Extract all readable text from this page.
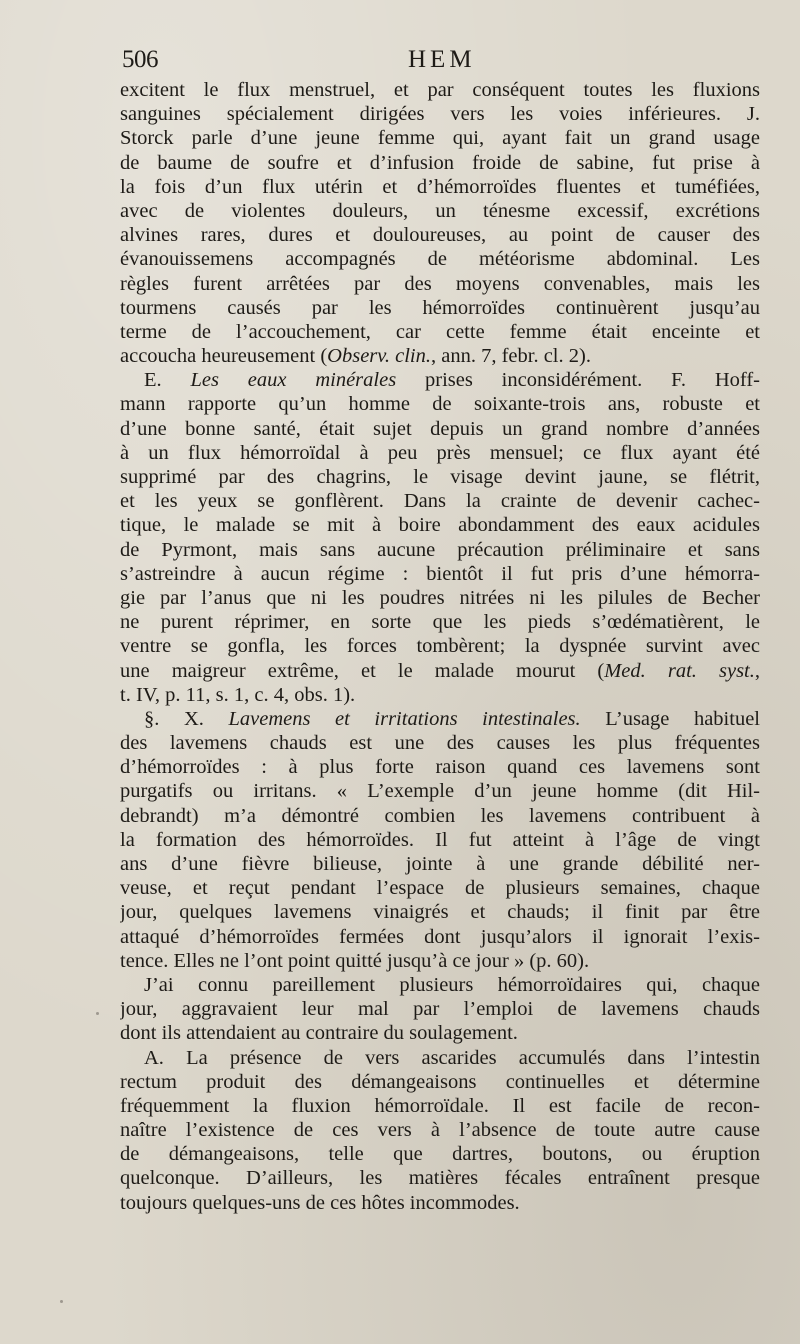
506	HEM
excitent le flux menstruel, et par conséquent toutes les fluxions
sanguines spécialement dirigées vers les voies inférieures. J.
Storck parle d’une jeune femme qui, ayant fait un grand usage
de baume de soufre et d’infusion froide de sabine, fut prise à
la fois d’un flux utérin et d’hémorroïdes fluentes et tuméfiées,
avec de violentes douleurs, un ténesme excessif, excrétions
alvines rares, dures et douloureuses, au point de causer des
évanouissemens accompagnés de météorisme abdominal. Les
règles furent arrêtées par des moyens convenables, mais les
tourmens causés par les hémorroïdes continuèrent jusqu’au
terme de l’accouchement, car cette femme était enceinte et
accoucha heureusement (Observ. clin., ann. 7, febr. cl. 2).
E. Les eaux minérales prises inconsidérément. F. Hoff-
mann rapporte qu’un homme de soixante-trois ans, robuste et
d’une bonne santé, était sujet depuis un grand nombre d’années
à un flux hémorroïdal à peu près mensuel; ce flux ayant été
supprimé par des chagrins, le visage devint jaune, se flétrit,
et les yeux se gonflèrent. Dans la crainte de devenir cachec-
tique, le malade se mit à boire abondamment des eaux acidules
de Pyrmont, mais sans aucune précaution préliminaire et sans
s’astreindre à aucun régime : bientôt il fut pris d’une hémorra-
gie par l’anus que ni les poudres nitrées ni les pilules de Becher
ne purent réprimer, en sorte que les pieds s’œdématièrent, le
ventre se gonfla, les forces tombèrent; la dyspnée survint avec
une maigreur extrême, et le malade mourut (Med. rat. syst.,
t. IV, p. 11, s. 1, c. 4, obs. 1).
§. X. Lavemens et irritations intestinales. L’usage habituel
des lavemens chauds est une des causes les plus fréquentes
d’hémorroïdes : à plus forte raison quand ces lavemens sont
purgatifs ou irritans. « L’exemple d’un jeune homme (dit Hil-
debrandt) m’a démontré combien les lavemens contribuent à
la formation des hémorroïdes. Il fut atteint à l’âge de vingt
ans d’une fièvre bilieuse, jointe à une grande débilité ner-
veuse, et reçut pendant l’espace de plusieurs semaines, chaque
jour, quelques lavemens vinaigrés et chauds; il finit par être
attaqué d’hémorroïdes fermées dont jusqu’alors il ignorait l’exis-
tence. Elles ne l’ont point quitté jusqu’à ce jour » (p. 60).
J’ai connu pareillement plusieurs hémorroïdaires qui, chaque
jour, aggravaient leur mal par l’emploi de lavemens chauds
dont ils attendaient au contraire du soulagement.
A. La présence de vers ascarides accumulés dans l’intestin
rectum produit des démangeaisons continuelles et détermine
fréquemment la fluxion hémorroïdale. Il est facile de recon-
naître l’existence de ces vers à l’absence de toute autre cause
de démangeaisons, telle que dartres, boutons, ou éruption
quelconque. D’ailleurs, les matières fécales entraînent presque
toujours quelques-uns de ces hôtes incommodes.
